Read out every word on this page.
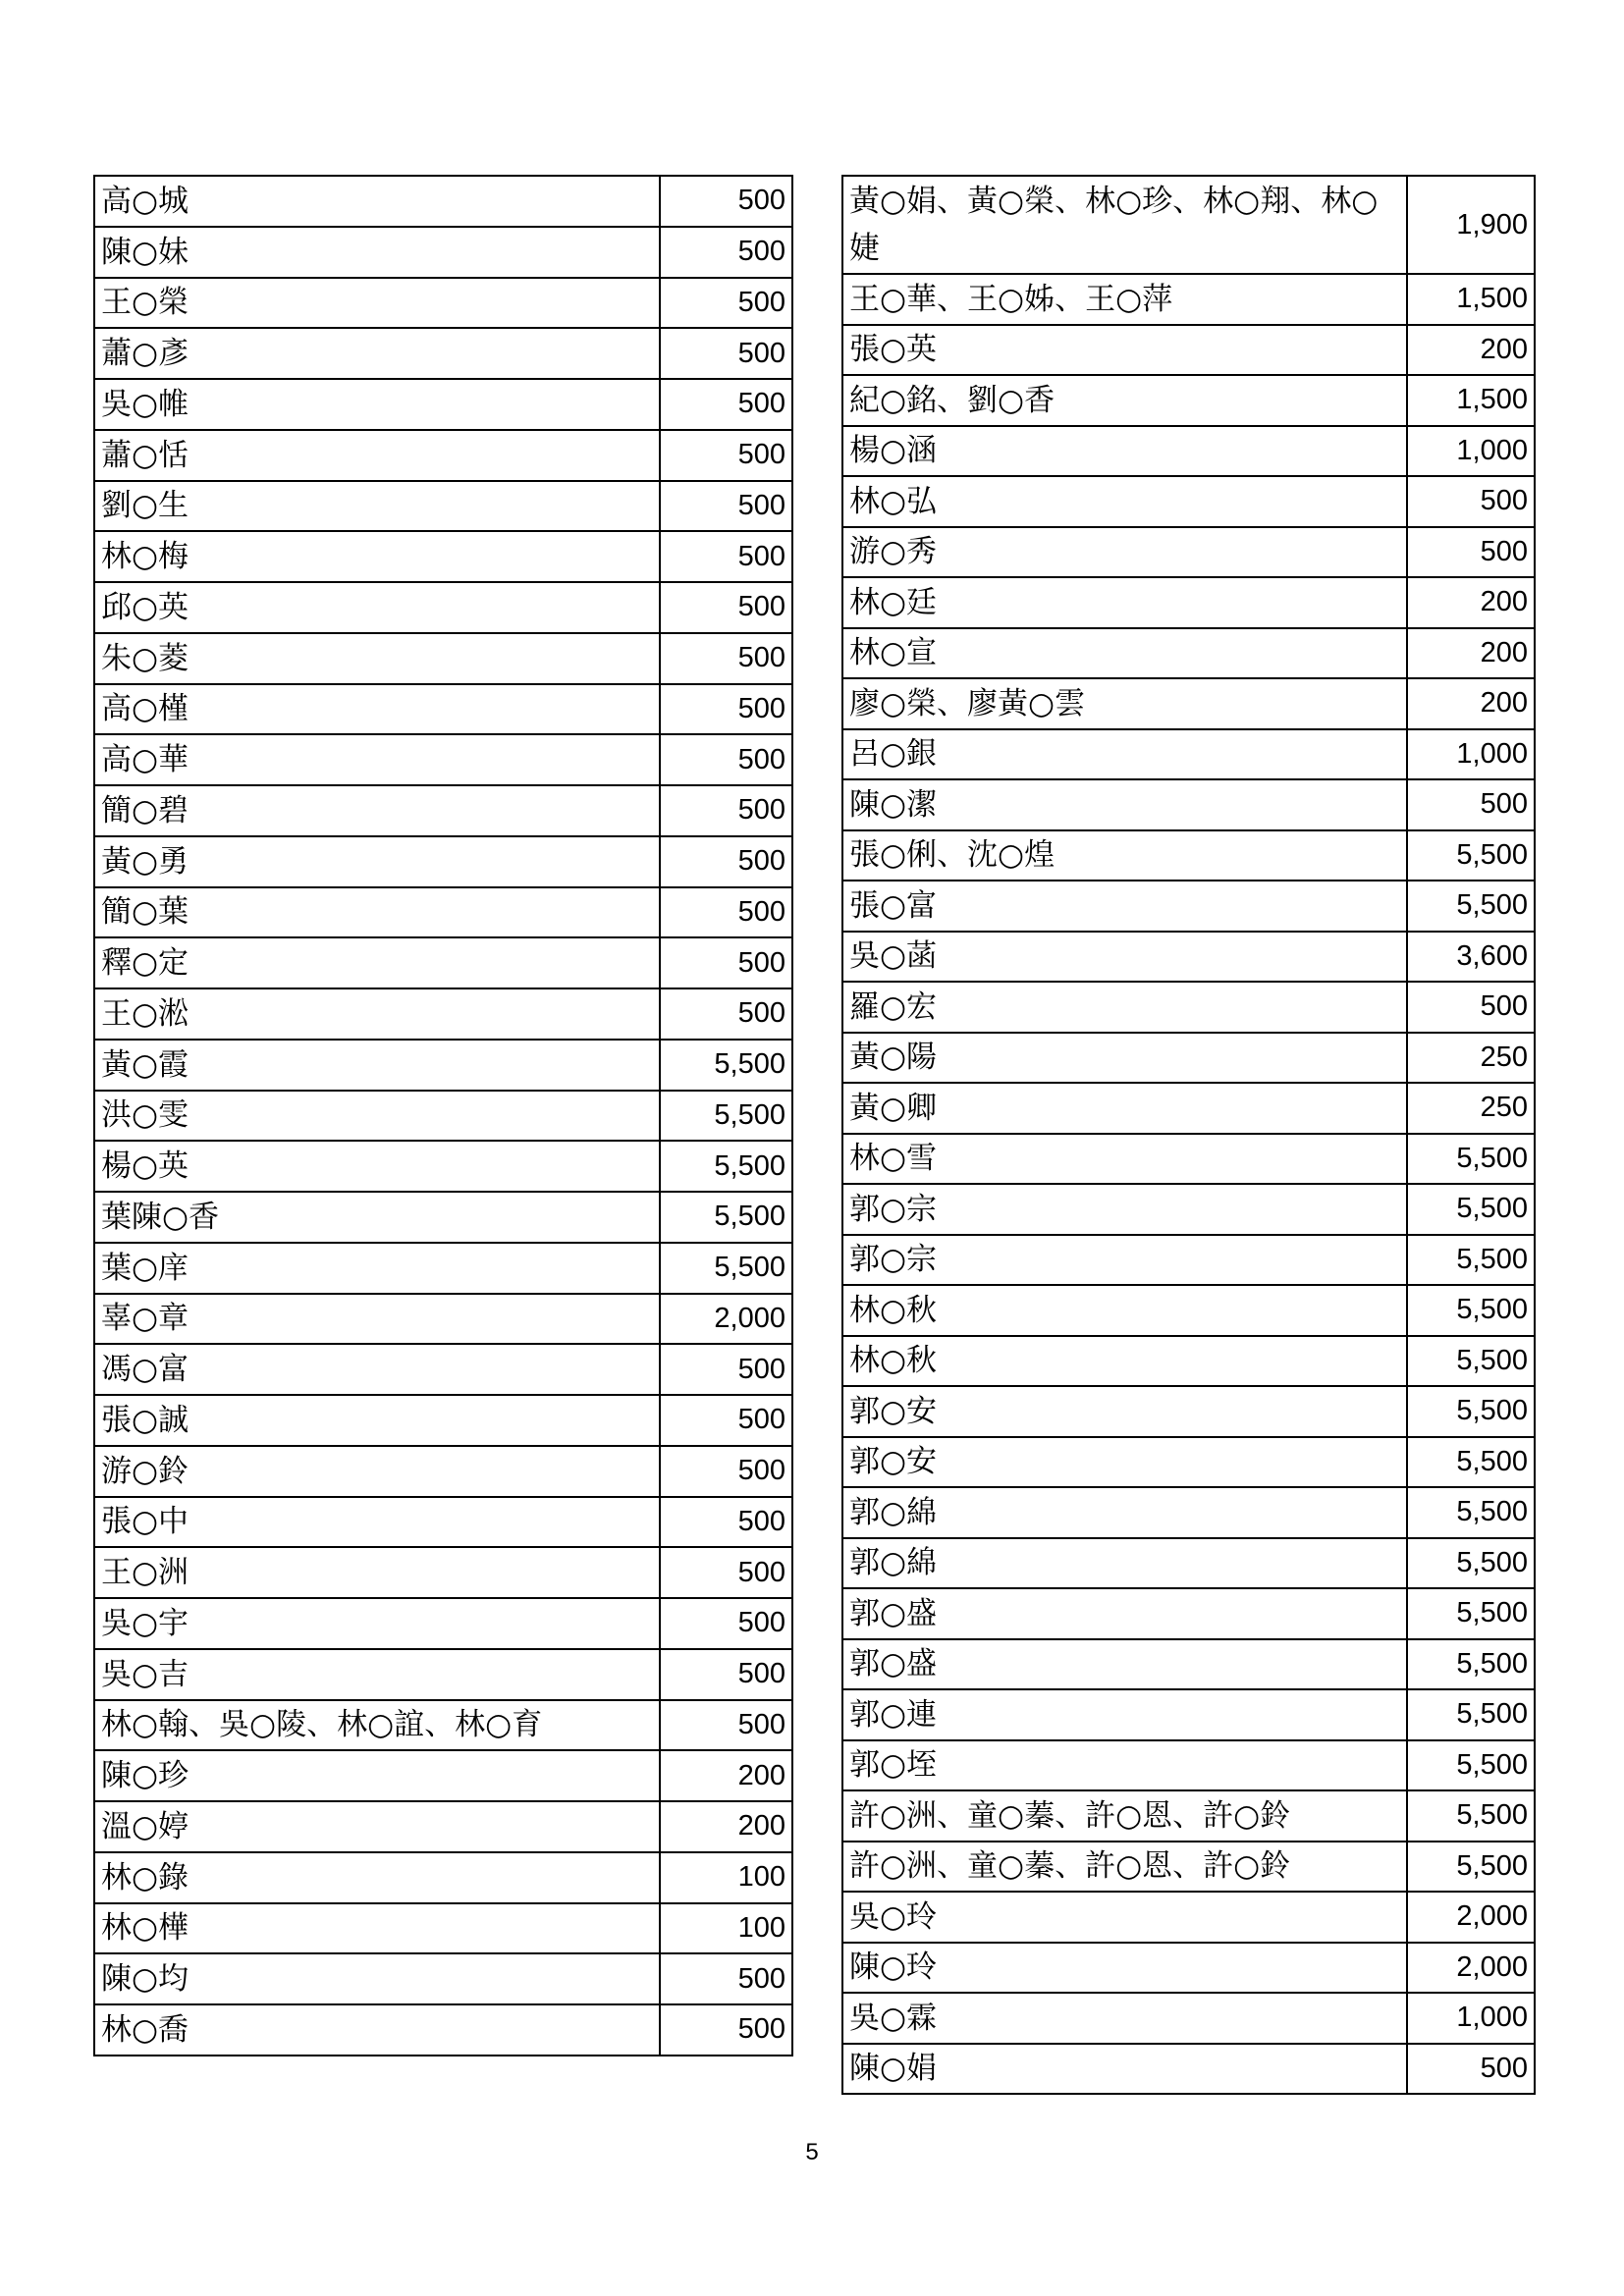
高○城	500
陳○妹	500
王○榮	500
蕭○彥	500
吳○帷	500
蕭○恬	500
劉○生	500
林○梅	500
邱○英	500
朱○菱	500
高○槿	500
高○華	500
簡○碧	500
黃○勇	500
簡○葉	500
釋○定	500
王○淞	500
黃○霞	5,500
洪○雯	5,500
楊○英	5,500
葉陳○香	5,500
葉○庠	5,500
辜○章	2,000
馮○富	500
張○誠	500
游○鈴	500
張○中	500
王○洲	500
吳○宇	500
吳○吉	500
林○翰、吳○陵、林○誼、林○育	500
陳○珍	200
溫○婷	200
林○錄	100
林○樺	100
陳○均	500
林○喬	500
黃○娟、黃○榮、林○珍、林○翔、林○婕	1,900
王○華、王○姊、王○萍	1,500
張○英	200
紀○銘、劉○香	1,500
楊○涵	1,000
林○弘	500
游○秀	500
林○廷	200
林○宣	200
廖○榮、廖黃○雲	200
呂○銀	1,000
陳○潔	500
張○俐、沈○煌	5,500
張○富	5,500
吳○菡	3,600
羅○宏	500
黃○陽	250
黃○卿	250
林○雪	5,500
郭○宗	5,500
郭○宗	5,500
林○秋	5,500
林○秋	5,500
郭○安	5,500
郭○安	5,500
郭○綿	5,500
郭○綿	5,500
郭○盛	5,500
郭○盛	5,500
郭○連	5,500
郭○垤	5,500
許○洲、童○蓁、許○恩、許○鈴	5,500
許○洲、童○蓁、許○恩、許○鈴	5,500
吳○玲	2,000
陳○玲	2,000
吳○霖	1,000
陳○娟	500
5
